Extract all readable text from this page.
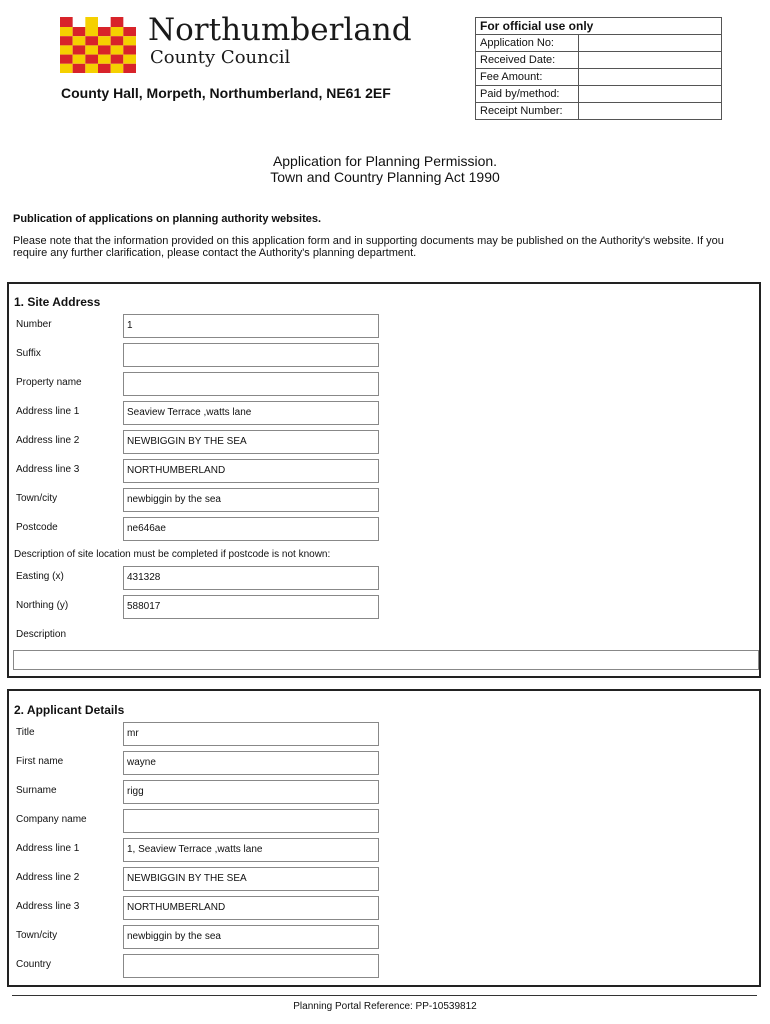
Northumberland
County Council
County Hall, Morpeth, Northumberland, NE61 2EF
For official use only	
Application No:	
Received Date:	
Fee Amount:	
Paid by/method:	
Receipt Number:	
Application for Planning Permission.
Town and Country Planning Act 1990
Publication of applications on planning authority websites.
Please note that the information provided on this application form and in supporting documents may be published on the Authority's website. If you require any further clarification, please contact the Authority's planning department.
1. Site Address
Number	1
Suffix
Property name
Address line 1	Seaview Terrace ,watts lane
Address line 2	NEWBIGGIN BY THE SEA
Address line 3	NORTHUMBERLAND
Town/city	newbiggin by the sea
Postcode	ne646ae
Description of site location must be completed if postcode is not known:
Easting (x)	431328
Northing (y)	588017
Description
2. Applicant Details
Title	mr
First name	wayne
Surname	rigg
Company name
Address line 1	1, Seaview Terrace ,watts lane
Address line 2	NEWBIGGIN BY THE SEA
Address line 3	NORTHUMBERLAND
Town/city	newbiggin by the sea
Country
Planning Portal Reference: PP-10539812
